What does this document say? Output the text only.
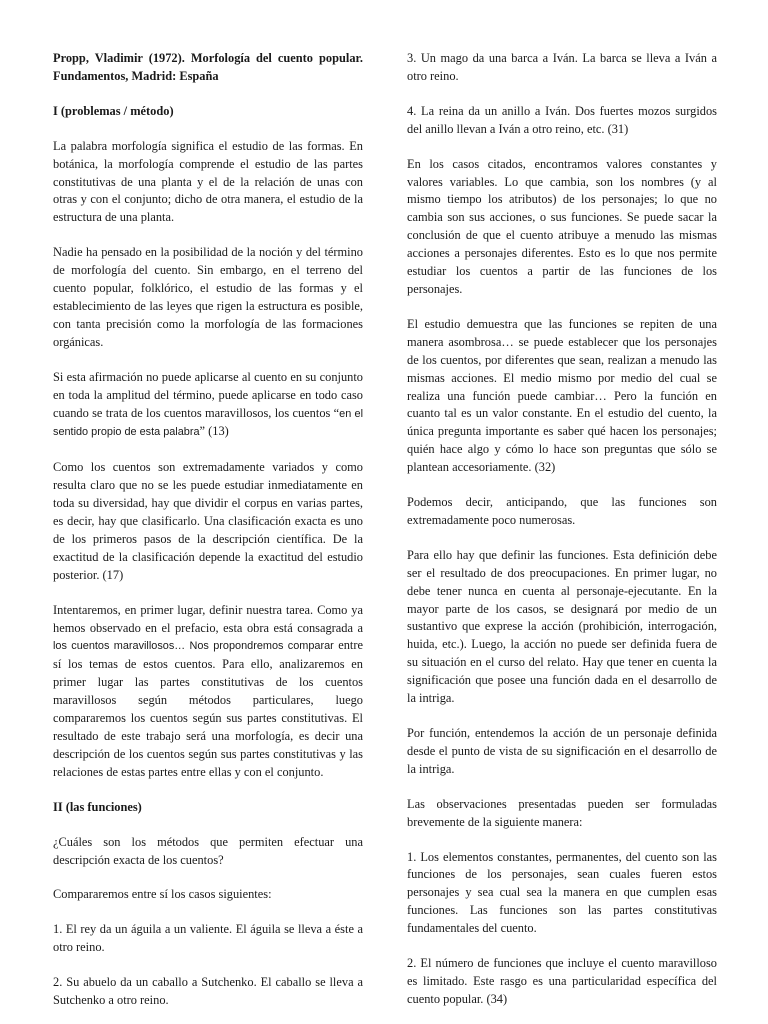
Propp, Vladimir (1972). Morfología del cuento popular. Fundamentos, Madrid: España

I (problemas / método)

La palabra morfología significa el estudio de las formas. En botánica, la morfología comprende el estudio de las partes constitutivas de una planta y el de la relación de unas con otras y con el conjunto; dicho de otra manera, el estudio de la estructura de una planta.

Nadie ha pensado en la posibilidad de la noción y del término de morfología del cuento. Sin embargo, en el terreno del cuento popular, folklórico, el estudio de las formas y el establecimiento de las leyes que rigen la estructura es posible, con tanta precisión como la morfología de las formaciones orgánicas.

Si esta afirmación no puede aplicarse al cuento en su conjunto en toda la amplitud del término, puede aplicarse en todo caso cuando se trata de los cuentos maravillosos, los cuentos “en el sentido propio de esta palabra” (13)

Como los cuentos son extremadamente variados y como resulta claro que no se les puede estudiar inmediatamente en toda su diversidad, hay que dividir el corpus en varias partes, es decir, hay que clasificarlo. Una clasificación exacta es uno de los primeros pasos de la descripción científica. De la exactitud de la clasificación depende la exactitud del estudio posterior. (17)

Intentaremos, en primer lugar, definir nuestra tarea. Como ya hemos observado en el prefacio, esta obra está consagrada a los cuentos maravillosos… Nos propondremos comparar entre sí los temas de estos cuentos. Para ello, analizaremos en primer lugar las partes constitutivas de los cuentos maravillosos según métodos particulares, luego compararemos los cuentos según sus partes constitutivas. El resultado de este trabajo será una morfología, es decir una descripción de los cuentos según sus partes constitutivas y las relaciones de estas partes entre ellas y con el conjunto.

II (las funciones)

¿Cuáles son los métodos que permiten efectuar una descripción exacta de los cuentos?

Compararemos entre sí los casos siguientes:

1. El rey da un águila a un valiente. El águila se lleva a éste a otro reino.

2. Su abuelo da un caballo a Sutchenko. El caballo se lleva a Sutchenko a otro reino.

3. Un mago da una barca a Iván. La barca se lleva a Iván a otro reino.

4. La reina da un anillo a Iván. Dos fuertes mozos surgidos del anillo llevan a Iván a otro reino, etc. (31)

En los casos citados, encontramos valores constantes y valores variables. Lo que cambia, son los nombres (y al mismo tiempo los atributos) de los personajes; lo que no cambia son sus acciones, o sus funciones. Se puede sacar la conclusión de que el cuento atribuye a menudo las mismas acciones a personajes diferentes. Esto es lo que nos permite estudiar los cuentos a partir de las funciones de los personajes.

El estudio demuestra que las funciones se repiten de una manera asombrosa… se puede establecer que los personajes de los cuentos, por diferentes que sean, realizan a menudo las mismas acciones. El medio mismo por medio del cual se realiza una función puede cambiar… Pero la función en cuanto tal es un valor constante. En el estudio del cuento, la única pregunta importante es saber qué hacen los personajes; quién hace algo y cómo lo hace son preguntas que sólo se plantean accesoriamente. (32)

Podemos decir, anticipando, que las funciones son extremadamente poco numerosas.

Para ello hay que definir las funciones. Esta definición debe ser el resultado de dos preocupaciones. En primer lugar, no debe tener nunca en cuenta al personaje-ejecutante. En la mayor parte de los casos, se designará por medio de un sustantivo que exprese la acción (prohibición, interrogación, huida, etc.). Luego, la acción no puede ser definida fuera de su situación en el curso del relato. Hay que tener en cuenta la significación que posee una función dada en el desarrollo de la intriga.

Por función, entendemos la acción de un personaje definida desde el punto de vista de su significación en el desarrollo de la intriga.

Las observaciones presentadas pueden ser formuladas brevemente de la siguiente manera:

1. Los elementos constantes, permanentes, del cuento son las funciones de los personajes, sean cuales fueren estos personajes y sea cual sea la manera en que cumplen esas funciones. Las funciones son las partes constitutivas fundamentales del cuento.

2. El número de funciones que incluye el cuento maravilloso es limitado. Este rasgo es una particularidad específica del cuento popular. (34)
